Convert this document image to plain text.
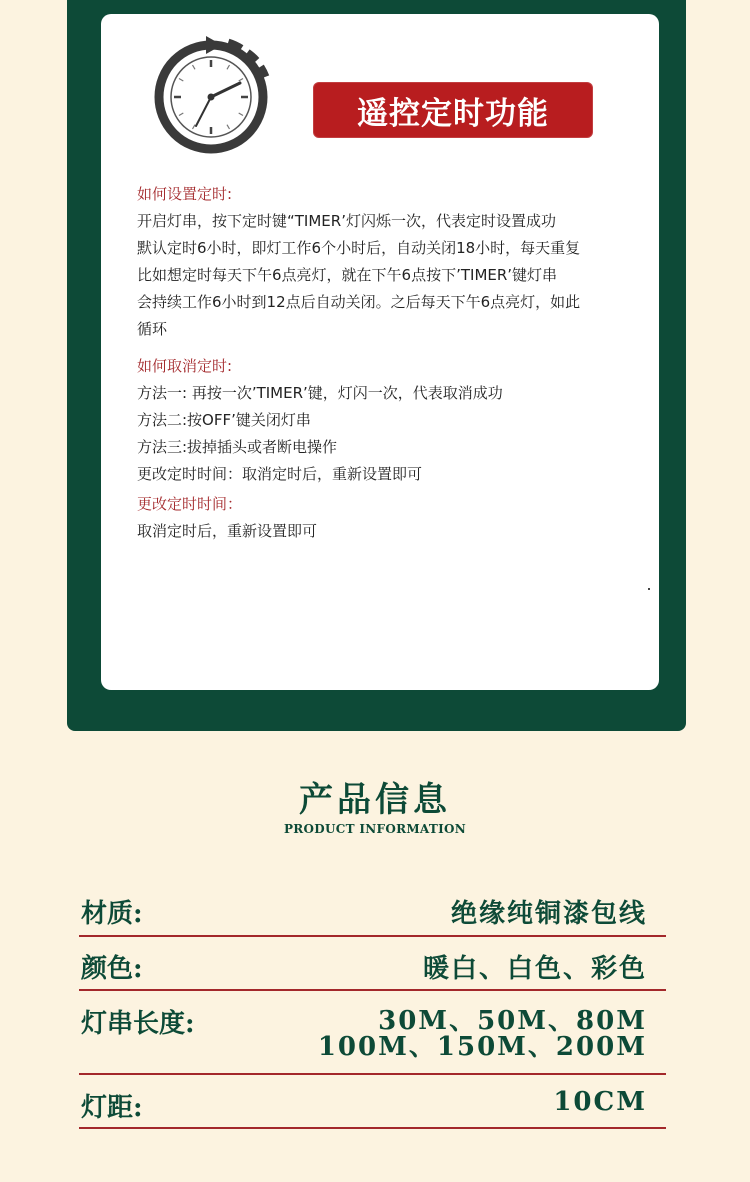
遥控定时功能
如何设置定时:
开启灯串，按下定时键“TIMER’灯闪烁一次，代表定时设置成功
默认定时6小时，即灯工作6个小时后，自动关闭18小时，每天重复
比如想定时每天下午6点亮灯，就在下午6点按下’TIMER’键灯串
会持续工作6小时到12点后自动关闭。之后每天下午6点亮灯，如此
循环
如何取消定时:
方法一: 再按一次’TIMER’键，灯闪一次，代表取消成功
方法二:按OFF’键关闭灯串
方法三:拔掉插头或者断电操作
更改定时时间：取消定时后，重新设置即可
更改定时时间：
取消定时后，重新设置即可
产品信息
PRODUCT INFORMATION
材质:	绝缘纯铜漆包线
颜色:	暖白、白色、彩色
灯串长度:	30M、50M、80M
100M、150M、200M
灯距:	10CM
